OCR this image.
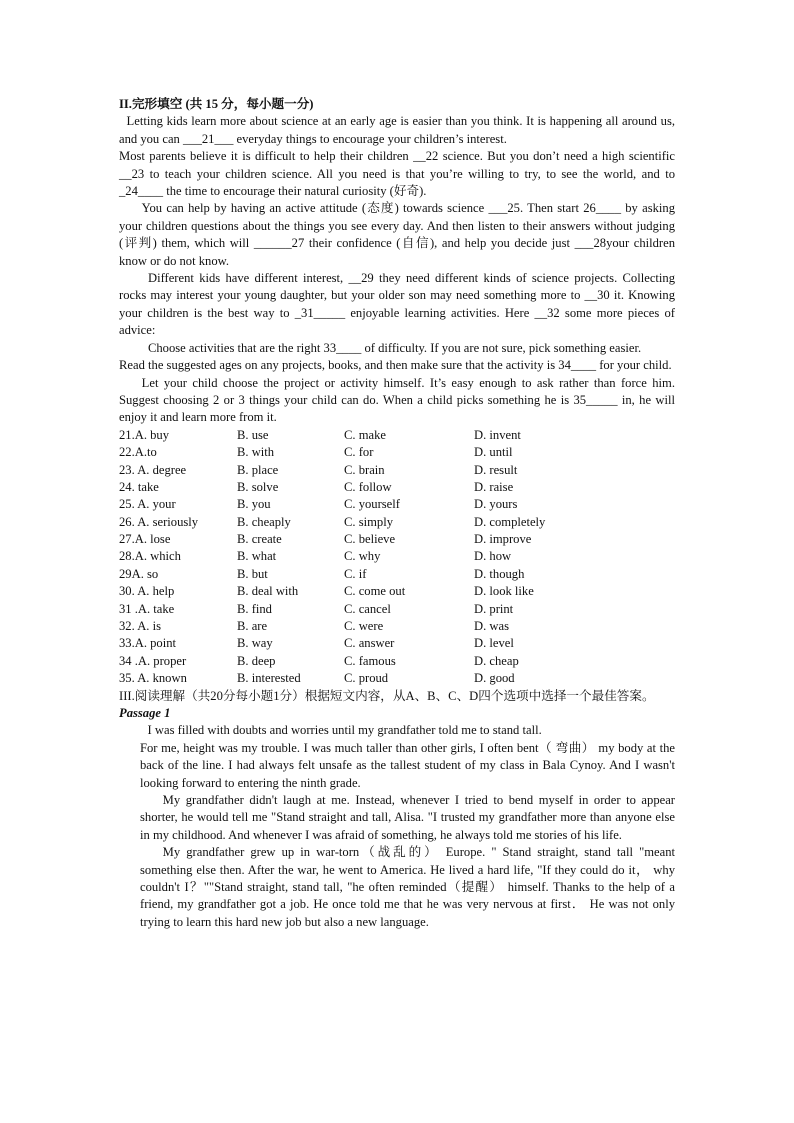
II.完形填空 (共 15 分，每小题一分)

Letting kids learn more about science at an early age is easier than you think. It is happening all around us, and you can ___21___ everyday things to encourage your children’s interest.

Most parents believe it is difficult to help their children __22 science. But you don’t need a high scientific __23 to teach your children science. All you need is that you’re willing to try, to see the world, and to _24____ the time to encourage their natural curiosity (好奇).

You can help by having an active attitude (态度) towards science ___25. Then start 26____ by asking your children questions about the things you see every day. And then listen to their answers without judging (评判) them, which will ______27 their confidence (自信), and help you decide just ___28your children know or do not know.

Different kids have different interest, __29 they need different kinds of science projects. Collecting rocks may interest your young daughter, but your older son may need something more to __30 it. Knowing your children is the best way to _31_____ enjoyable learning activities. Here __32 some more pieces of advice:

Choose activities that are the right 33____ of difficulty. If you are not sure, pick something easier.

Read the suggested ages on any projects, books, and then make sure that the activity is 34____ for your child.

Let your child choose the project or activity himself. It’s easy enough to ask rather than force him. Suggest choosing 2 or 3 things your child can do. When a child picks something he is 35_____ in, he will enjoy it and learn more from it.

21.A. buy	B. use	C. make	D. invent
22.A.to	B. with	C. for	D. until
23. A. degree	B. place	C. brain	D. result
24. take	B. solve	C. follow	D. raise
25. A. your	B. you	C. yourself	D. yours
26. A. seriously	B. cheaply	C. simply	D. completely
27.A. lose	B. create	C. believe	D. improve
28.A. which	B. what	C. why	D. how
29A. so	B. but	C. if	D. though
30. A. help	B. deal with	C. come out	D. look like
31 .A. take	B. find	C. cancel	D. print
32. A. is	B. are	C. were	D. was
33.A. point	B. way	C. answer	D. level
34 .A. proper	B. deep	C. famous	D. cheap
35. A. known	B. interested	C. proud	D. good

III.阅读理解（共20分每小题1分）根据短文内容，从A、B、C、D四个选项中选择一个最佳答案。

Passage 1

I was filled with doubts and worries until my grandfather told me to stand tall.

For me, height was my trouble. I was much taller than other girls, I often bent（ 弯曲） my body at the back of the line. I had always felt unsafe as the tallest student of my class in Bala Cynoy. And I wasn't looking forward to entering the ninth grade.

My grandfather didn't laugh at me. Instead, whenever I tried to bend myself in order to appear shorter, he would tell me "Stand straight and tall, Alisa. "I trusted my grandfather more than anyone else in my childhood. And whenever I was afraid of something, he always told me stories of his life.

My grandfather grew up in war-torn（战乱的） Europe. " Stand straight, stand tall "meant something else then. After the war, he went to America. He lived a hard life, "If they could do it， why couldn't I？""Stand straight, stand tall, "he often reminded（提醒） himself. Thanks to the help of a friend, my grandfather got a job. He once told me that he was very nervous at first． He was not only trying to learn this hard new job but also a new language.
